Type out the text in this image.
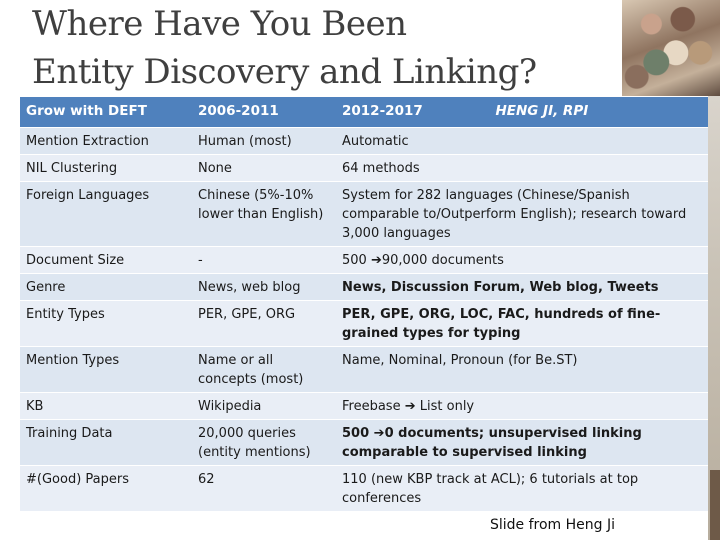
Where Have You Been
Entity Discovery and Linking?
Grow with DEFT	2006-2011	2012-2017 HENG JI, RPI
Mention Extraction	Human (most)	Automatic
NIL Clustering	None	64 methods
Foreign Languages	Chinese (5%-10% lower than English)	System for 282 languages (Chinese/Spanish comparable to/Outperform English); research toward 3,000 languages
Document Size	-	500 ➔90,000 documents
Genre	News, web blog	News, Discussion Forum, Web blog, Tweets
Entity Types	PER, GPE, ORG	PER, GPE, ORG, LOC, FAC, hundreds of fine-grained types for typing
Mention Types	Name or all concepts (most)	Name, Nominal, Pronoun (for Be.ST)
KB	Wikipedia	Freebase ➔ List only
Training Data	20,000 queries (entity mentions)	500 ➔0 documents; unsupervised linking comparable to supervised linking
#(Good) Papers	62	110 (new KBP track at ACL); 6 tutorials at top conferences
Slide from Heng Ji
